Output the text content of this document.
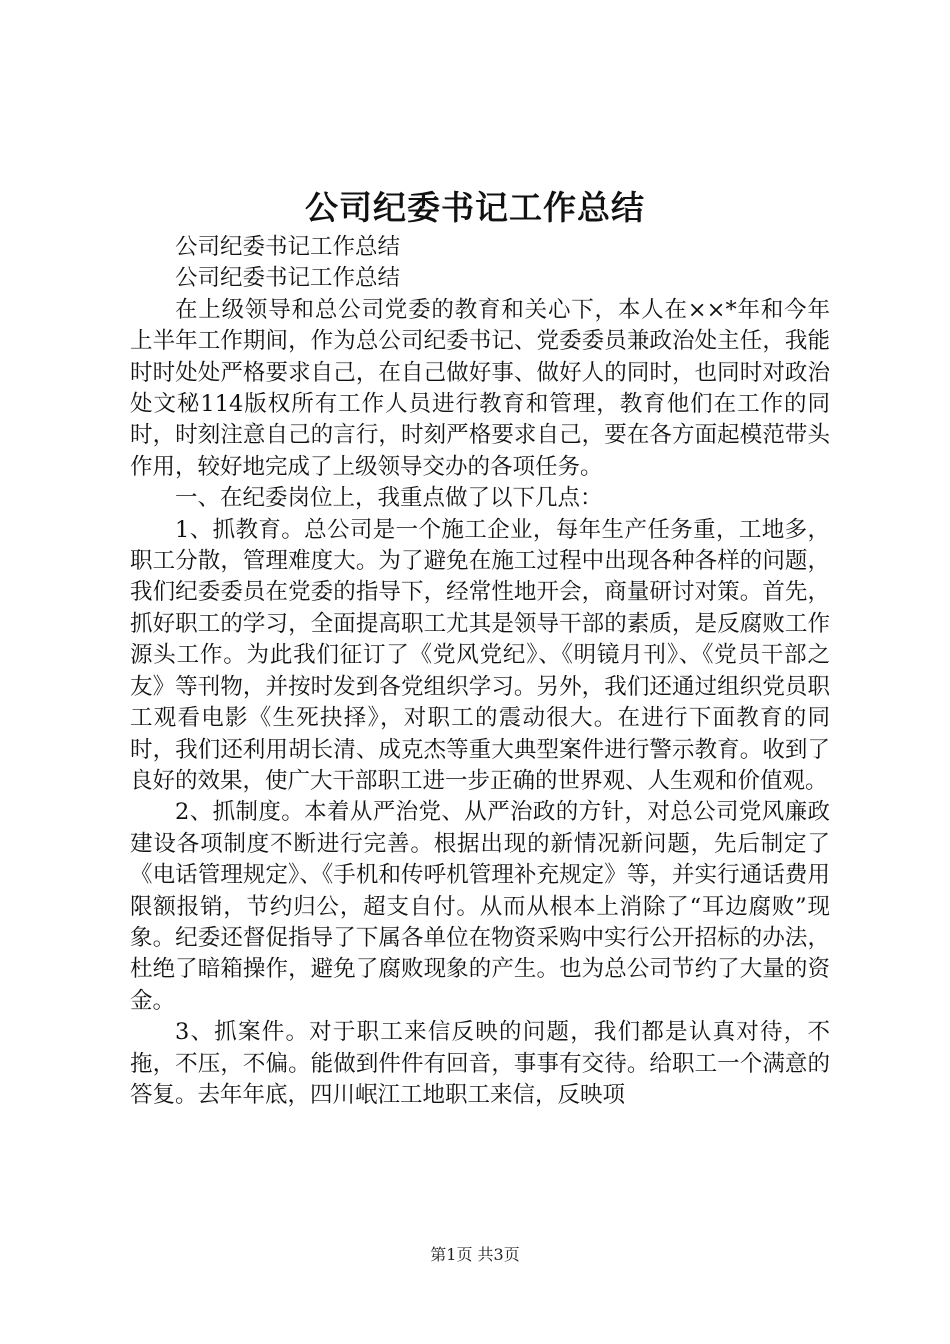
公司纪委书记工作总结

公司纪委书记工作总结

公司纪委书记工作总结

在上级领导和总公司党委的教育和关心下，本人在××*年和今年上半年工作期间，作为总公司纪委书记、党委委员兼政治处主任，我能时时处处严格要求自己，在自己做好事、做好人的同时，也同时对政治处文秘114版权所有工作人员进行教育和管理，教育他们在工作的同时，时刻注意自己的言行，时刻严格要求自己，要在各方面起模范带头作用，较好地完成了上级领导交办的各项任务。

一、在纪委岗位上，我重点做了以下几点：

1、抓教育。总公司是一个施工企业，每年生产任务重，工地多，职工分散，管理难度大。为了避免在施工过程中出现各种各样的问题，我们纪委委员在党委的指导下，经常性地开会，商量研讨对策。首先，抓好职工的学习，全面提高职工尤其是领导干部的素质，是反腐败工作源头工作。为此我们征订了《党风党纪》、《明镜月刊》、《党员干部之友》等刊物，并按时发到各党组织学习。另外，我们还通过组织党员职工观看电影《生死抉择》，对职工的震动很大。在进行下面教育的同时，我们还利用胡长清、成克杰等重大典型案件进行警示教育。收到了良好的效果，使广大干部职工进一步正确的世界观、人生观和价值观。

2、抓制度。本着从严治党、从严治政的方针，对总公司党风廉政建设各项制度不断进行完善。根据出现的新情况新问题，先后制定了《电话管理规定》、《手机和传呼机管理补充规定》等，并实行通话费用限额报销，节约归公，超支自付。从而从根本上消除了“耳边腐败”现象。纪委还督促指导了下属各单位在物资采购中实行公开招标的办法，杜绝了暗箱操作，避免了腐败现象的产生。也为总公司节约了大量的资金。

3、抓案件。对于职工来信反映的问题，我们都是认真对待，不拖，不压，不偏。能做到件件有回音，事事有交待。给职工一个满意的答复。去年年底，四川岷江工地职工来信，反映项

第1页 共3页
